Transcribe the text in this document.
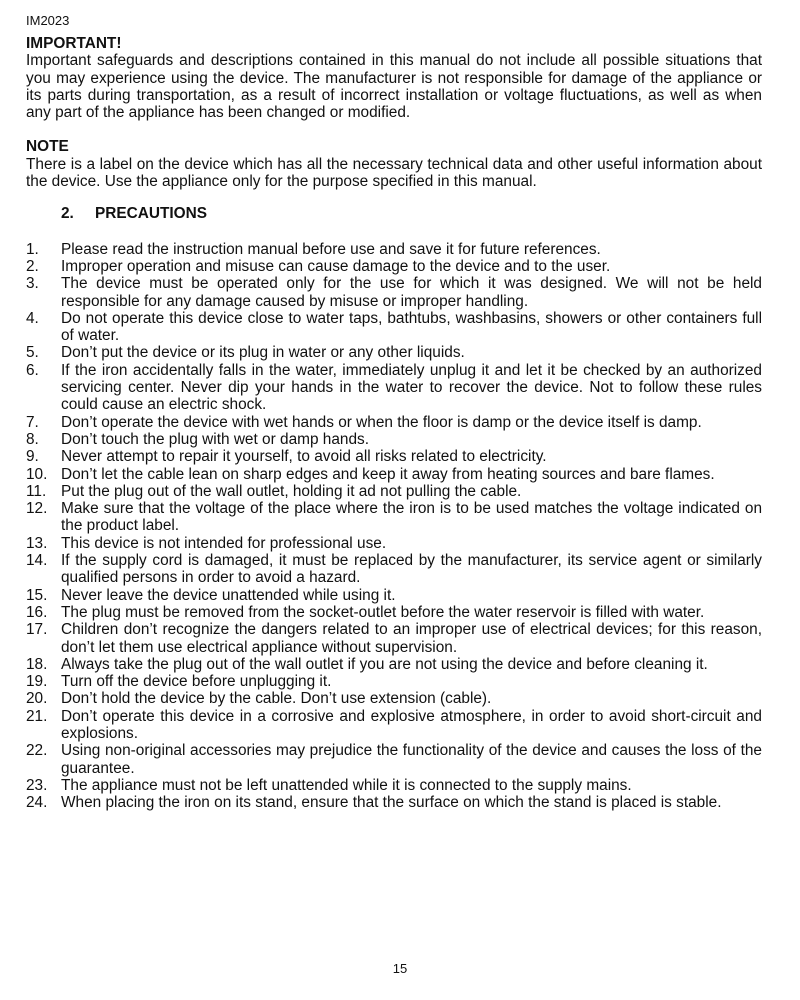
IM2023
IMPORTANT!

Important safeguards and descriptions contained in this manual do not include all possible situations that you may experience using the device. The manufacturer is not responsible for damage of the appliance or its parts during transportation, as a result of incorrect installation or voltage fluctuations, as well as when any part of the appliance has been changed or modified.

NOTE

There is a label on the device which has all the necessary technical data and other useful information about the device. Use the appliance only for the purpose specified in this manual.

2. PRECAUTIONS
1.	Please read the instruction manual before use and save it for future references.
2.	Improper operation and misuse can cause damage to the device and to the user.
3.	The device must be operated only for the use for which it was designed. We will not be held responsible for any damage caused by misuse or improper handling.
4.	Do not operate this device close to water taps, bathtubs, washbasins, showers or other containers full of water.
5.	Don’t put the device or its plug in water or any other liquids.
6.	If the iron accidentally falls in the water, immediately unplug it and let it be checked by an authorized servicing center. Never dip your hands in the water to recover the device. Not to follow these rules could cause an electric shock.
7.	Don’t operate the device with wet hands or when the floor is damp or the device itself is damp.
8.	Don’t touch the plug with wet or damp hands.
9.	Never attempt to repair it yourself, to avoid all risks related to electricity.
10. Don’t let the cable lean on sharp edges and keep it away from heating sources and bare flames.
11. Put the plug out of the wall outlet, holding it ad not pulling the cable.
12. Make sure that the voltage of the place where the iron is to be used matches the voltage indicated on the product label.
13. This device is not intended for professional use.
14. If the supply cord is damaged, it must be replaced by the manufacturer, its service agent or similarly qualified persons in order to avoid a hazard.
15. Never leave the device unattended while using it.
16. The plug must be removed from the socket-outlet before the water reservoir is filled with water.
17. Children don’t recognize the dangers related to an improper use of electrical devices; for this reason, don’t let them use electrical appliance without supervision.
18. Always take the plug out of the wall outlet if you are not using the device and before cleaning it.
19. Turn off the device before unplugging it.
20. Don’t hold the device by the cable. Don’t use extension (cable).
21. Don’t operate this device in a corrosive and explosive atmosphere, in order to avoid short-circuit and explosions.
22. Using non-original accessories may prejudice the functionality of the device and causes the loss of the guarantee.
23. The appliance must not be left unattended while it is connected to the supply mains.
24. When placing the iron on its stand, ensure that the surface on which the stand is placed is stable.
15
